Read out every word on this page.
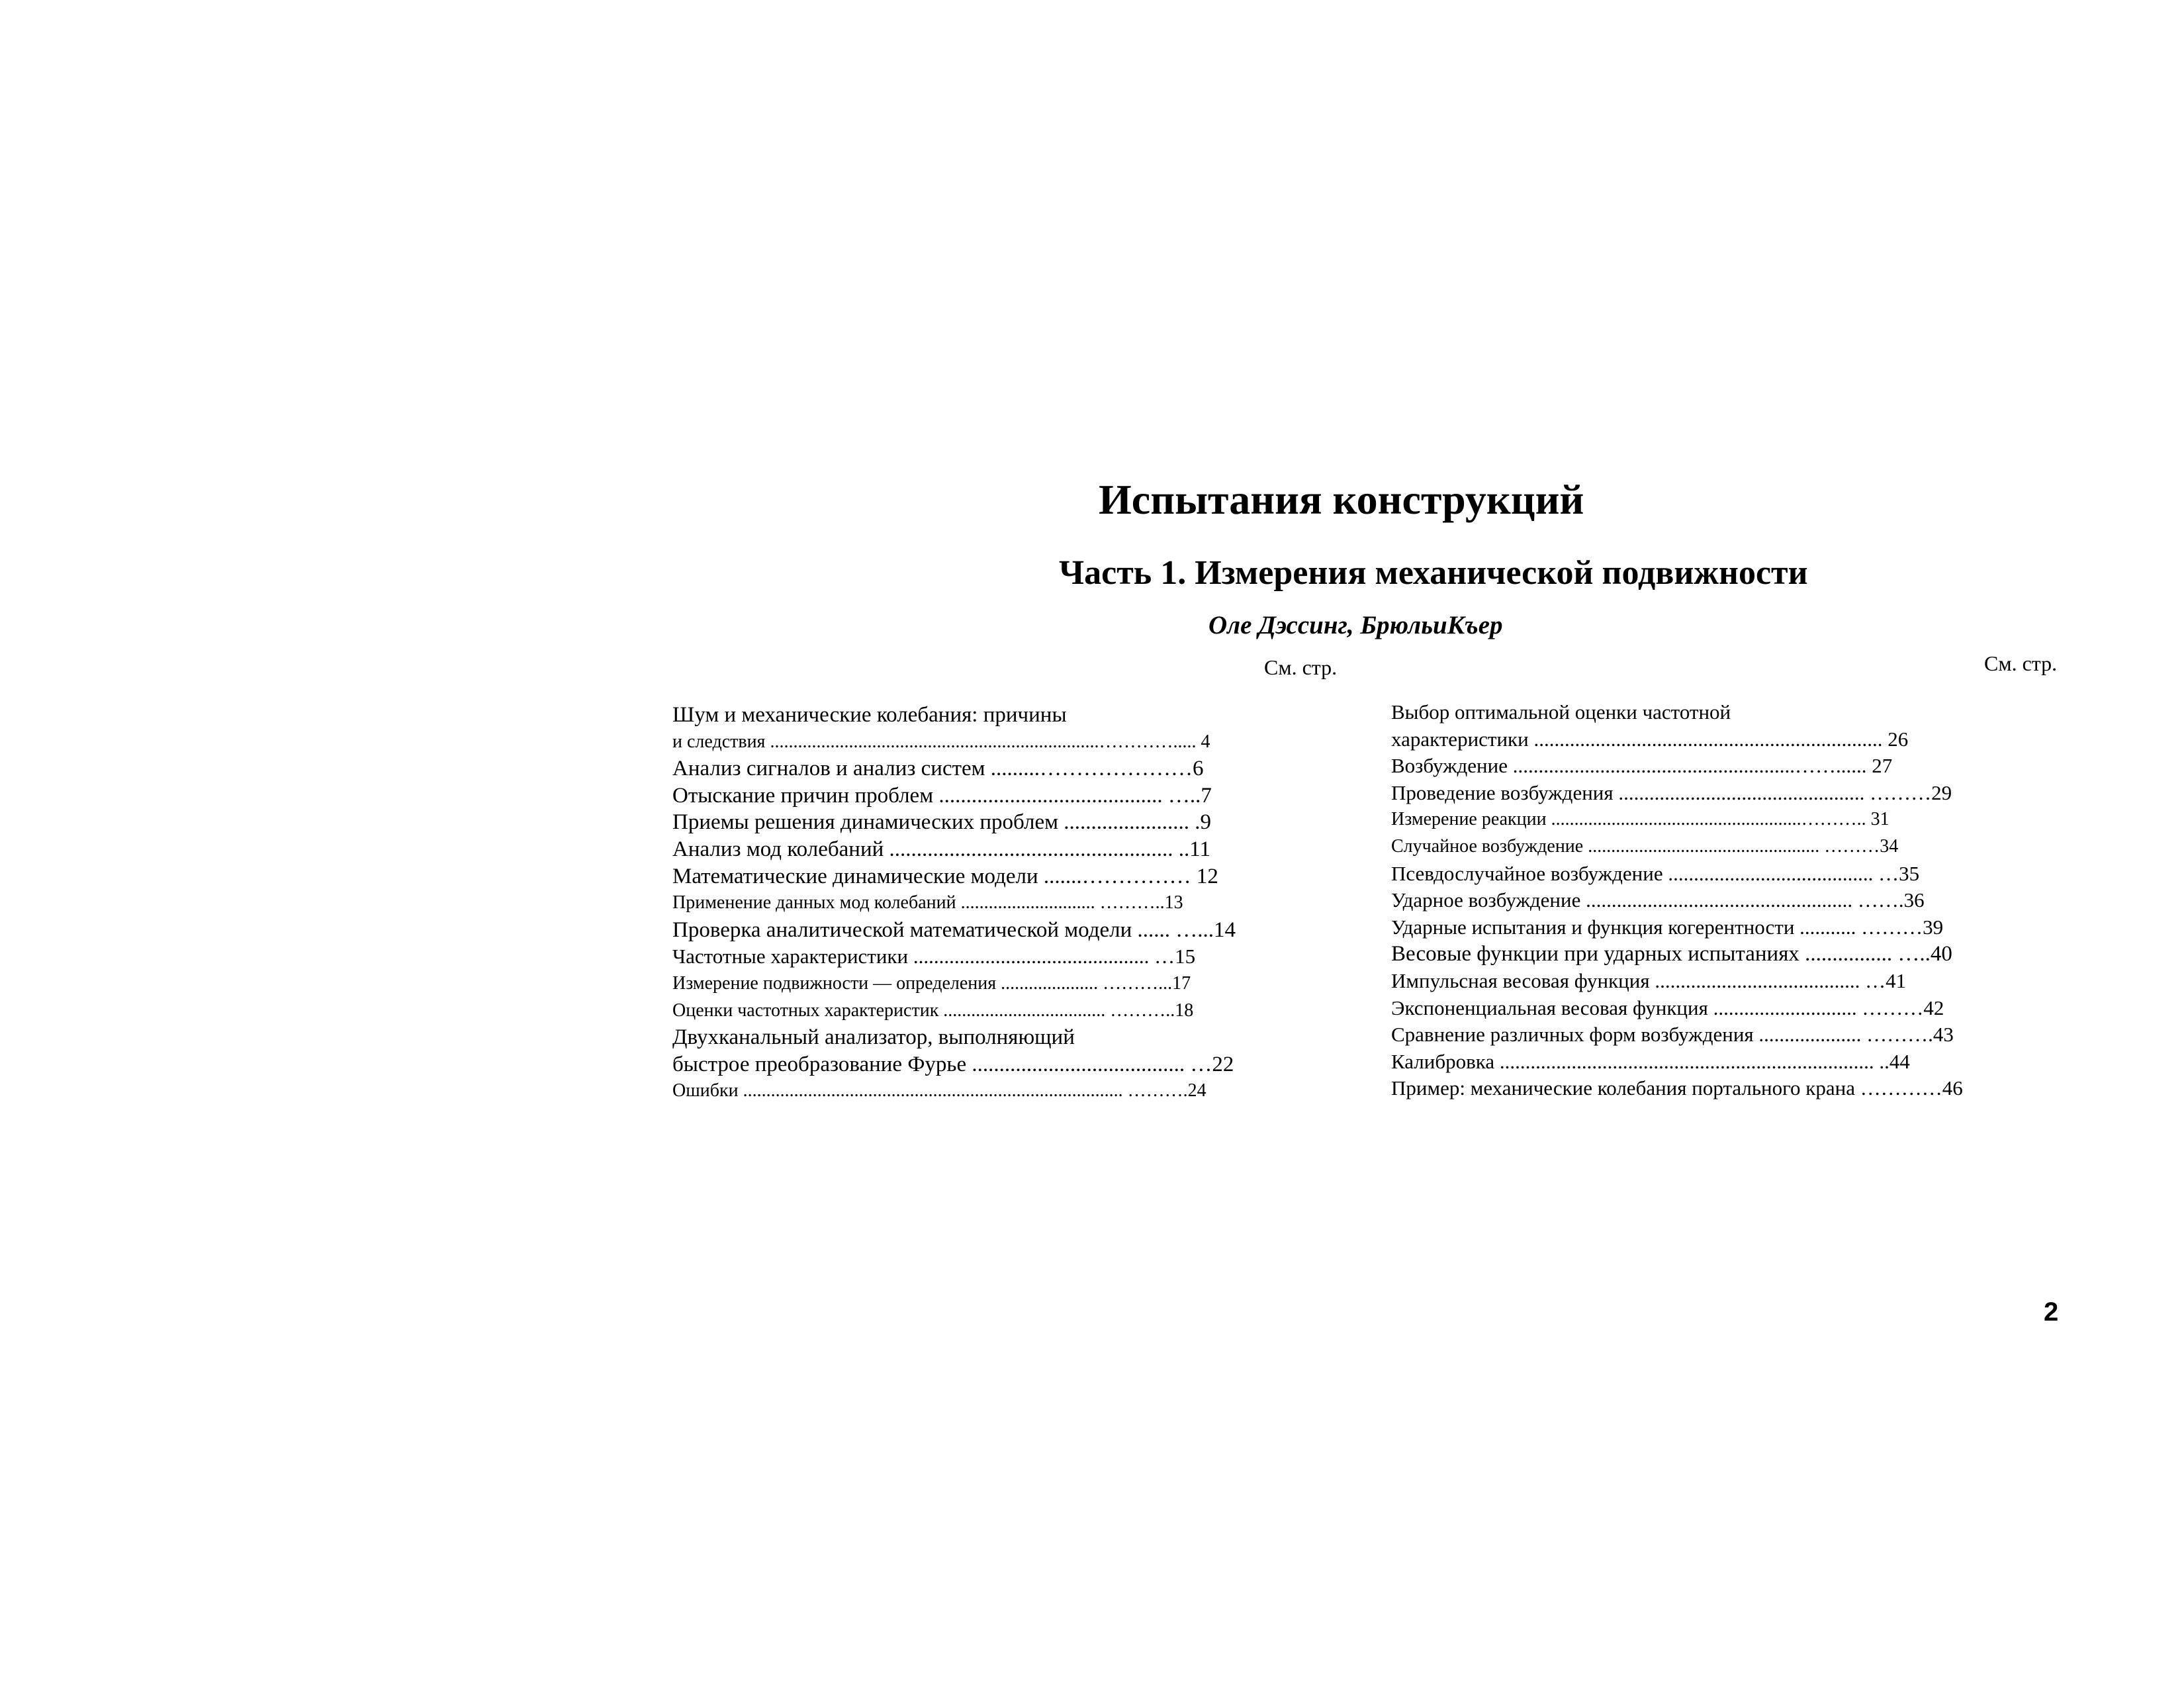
Испытания конструкций
Часть 1. Измерения механической подвижности
Оле Дэссинг, БрюльиКъер
См. стр.	См. стр.
Шум и механические колебания: причины
и следствия .......................................................................…………..... 4
Анализ сигналов и анализ систем .........…………………6
Отыскание причин проблем ......................................... …..7
Приемы решения динамических проблем ....................... .9
Анализ мод колебаний .................................................... ..11
Математические динамические модели .......…………… 12
Применение данных мод колебаний ............................. ………..13
Проверка аналитической математической модели ...... …...14
Частотные характеристики .............................................. …15
Измерение подвижности — определения ..................... ………...17
Оценки частотных характеристик ................................... ………..18
Двухканальный анализатор, выполняющий
быстрое преобразование Фурье ....................................... …22
Ошибки .................................................................................. ……….24
Выбор оптимальной оценки частотной
характеристики .................................................................... 26
Возбуждение .......................................................……...... 27
Проведение возбуждения ................................................ ………29
Измерение реакции ......................................................……….. 31
Случайное возбуждение .................................................. ………34
Псевдослучайное возбуждение ........................................ …35
Ударное возбуждение .................................................... …….36
Ударные испытания и функция когерентности ........... ………39
Весовые функции при ударных испытаниях ................ …..40
Импульсная весовая функция ........................................ …41
Экспоненциальная весовая функция ............................ ………42
Сравнение различных форм возбуждения .................... ……….43
Калибровка ......................................................................... ..44
Пример: механические колебания портального крана …………46
2
